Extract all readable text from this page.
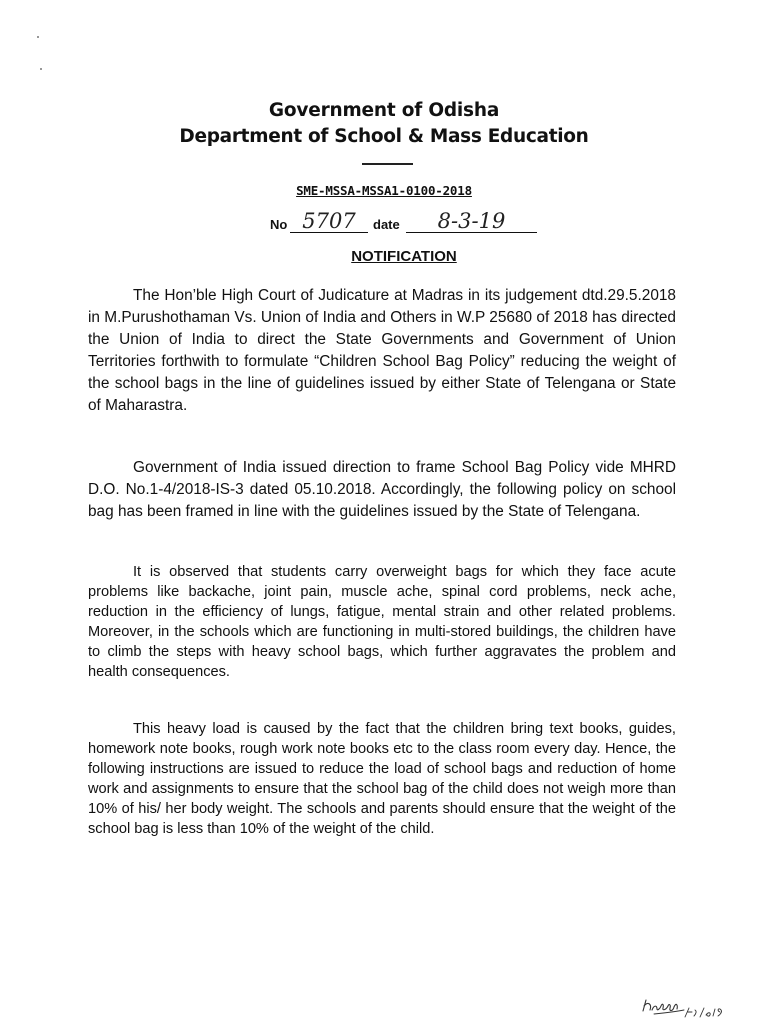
Government of Odisha
Department of School & Mass Education
SME-MSSA-MSSA1-0100-2018
No 5707	date	8-3-19
NOTIFICATION

The Hon’ble High Court of Judicature at Madras in its judgement dtd.29.5.2018 in M.Purushothaman Vs. Union of India and Others in W.P 25680 of 2018 has directed the Union of India to direct the State Governments and Government of Union Territories forthwith to formulate “Children School Bag Policy” reducing the weight of the school bags in the line of guidelines issued by either State of Telengana or State of Maharastra.

Government of India issued direction to frame School Bag Policy vide MHRD D.O. No.1-4/2018-IS-3 dated 05.10.2018. Accordingly, the following policy on school bag has been framed in line with the guidelines issued by the State of Telengana.

It is observed that students carry overweight bags for which they face acute problems like backache, joint pain, muscle ache, spinal cord problems, neck ache, reduction in the efficiency of lungs, fatigue, mental strain and other related problems. Moreover, in the schools which are functioning in multi-stored buildings, the children have to climb the steps with heavy school bags, which further aggravates the problem and health consequences.

This heavy load is caused by the fact that the children bring text books, guides, homework note books, rough work note books etc to the class room every day. Hence, the following instructions are issued to reduce the load of school bags and reduction of home work and assignments to ensure that the school bag of the child does not weigh more than 10% of his/ her body weight. The schools and parents should ensure that the weight of the school bag is less than 10% of the weight of the child.
